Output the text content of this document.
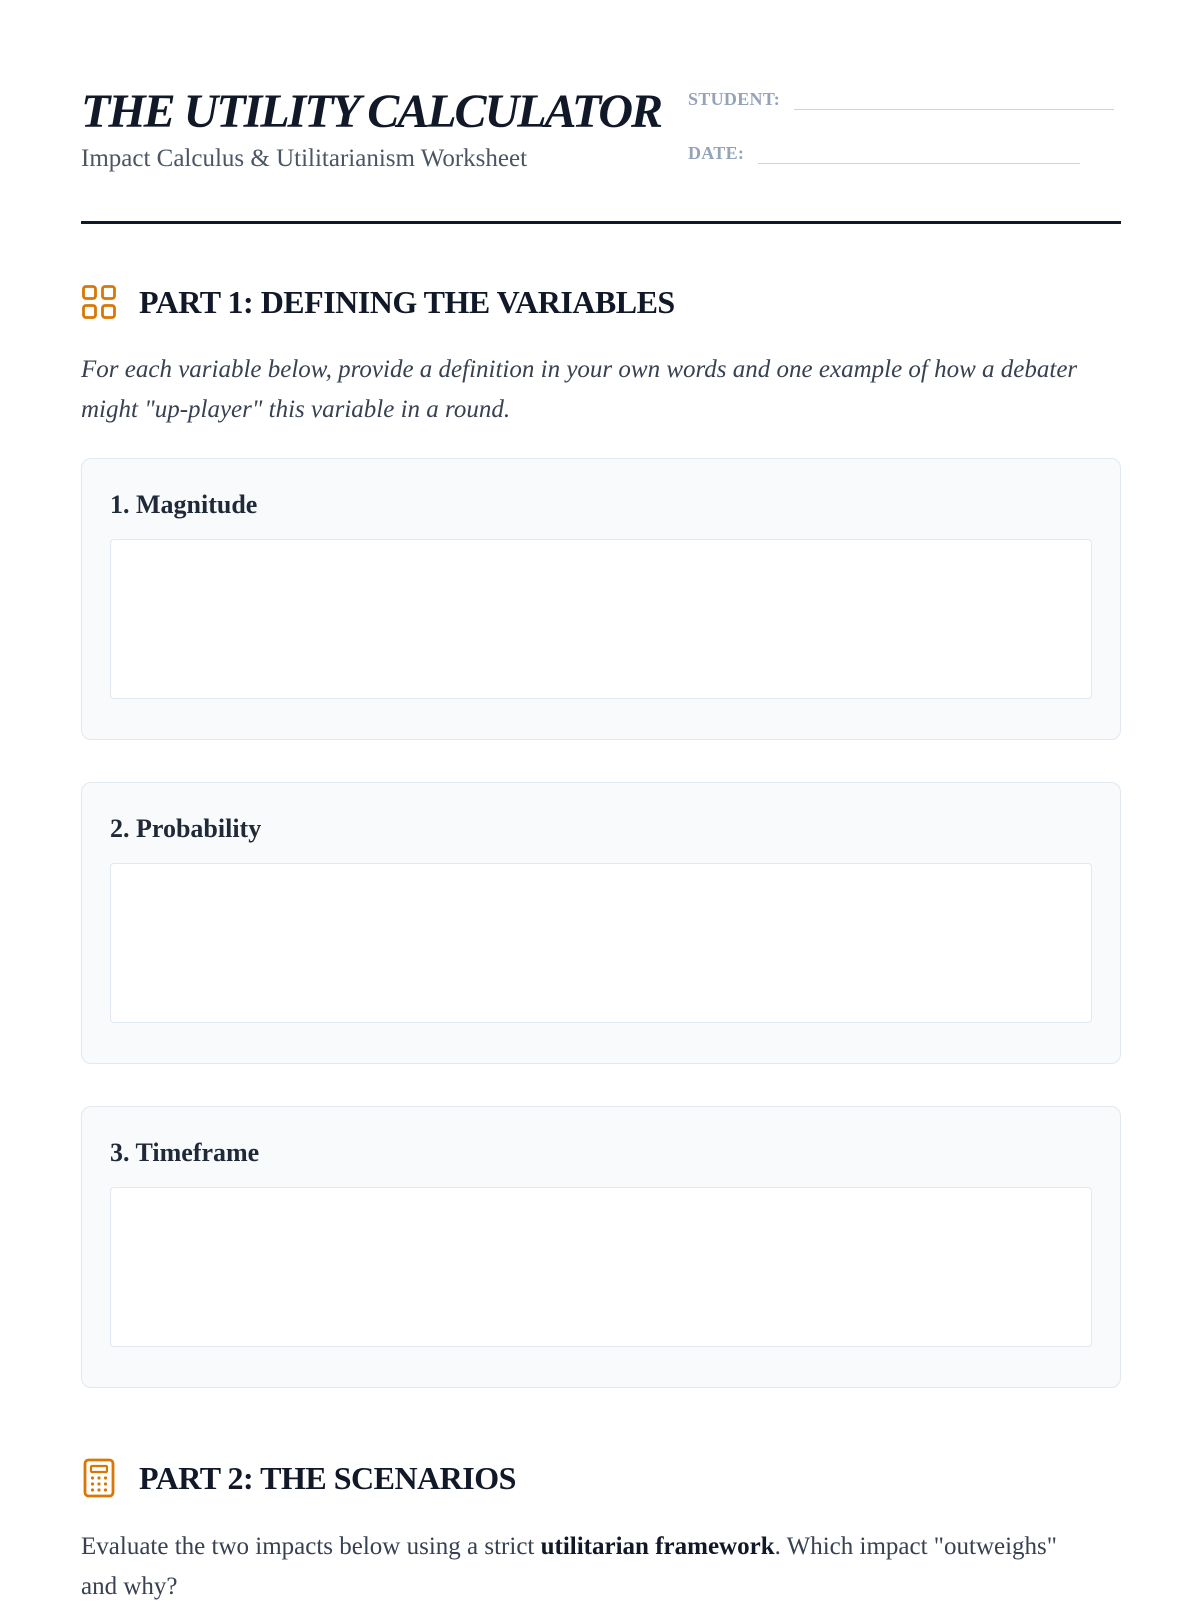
THE UTILITY CALCULATOR
Impact Calculus & Utilitarianism Worksheet
STUDENT:
DATE:
PART 1: DEFINING THE VARIABLES
For each variable below, provide a definition in your own words and one example of how a debater might "up-player" this variable in a round.
1. Magnitude
2. Probability
3. Timeframe
PART 2: THE SCENARIOS
Evaluate the two impacts below using a strict utilitarian framework. Which impact "outweighs" and why?
